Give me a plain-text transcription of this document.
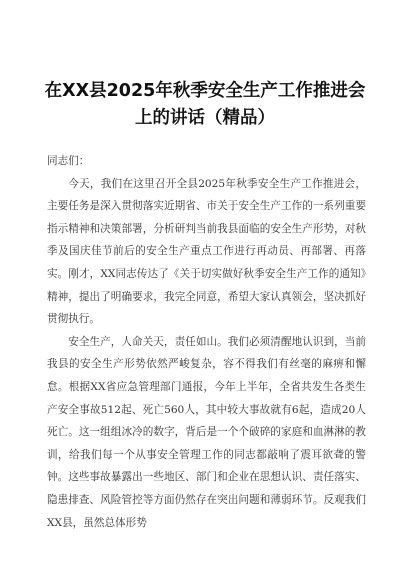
在XX县2025年秋季安全生产工作推进会上的讲话（精品）

同志们：

今天，我们在这里召开全县2025年秋季安全生产工作推进会，主要任务是深入贯彻落实近期省、市关于安全生产工作的一系列重要指示精神和决策部署，分析研判当前我县面临的安全生产形势，对秋季及国庆佳节前后的安全生产重点工作进行再动员、再部署、再落实。刚才，XX同志传达了《关于切实做好秋季安全生产工作的通知》精神，提出了明确要求，我完全同意，希望大家认真领会，坚决抓好贯彻执行。

安全生产，人命关天，责任如山。我们必须清醒地认识到，当前我县的安全生产形势依然严峻复杂，容不得我们有丝毫的麻痹和懈怠。根据XX省应急管理部门通报，今年上半年，全省共发生各类生产安全事故512起、死亡560人，其中较大事故就有6起，造成20人死亡。这一组组冰冷的数字，背后是一个个破碎的家庭和血淋淋的教训，给我们每一个从事安全管理工作的同志都敲响了震耳欲聋的警钟。这些事故暴露出一些地区、部门和企业在思想认识、责任落实、隐患排查、风险管控等方面仍然存在突出问题和薄弱环节。反观我们XX县，虽然总体形势
